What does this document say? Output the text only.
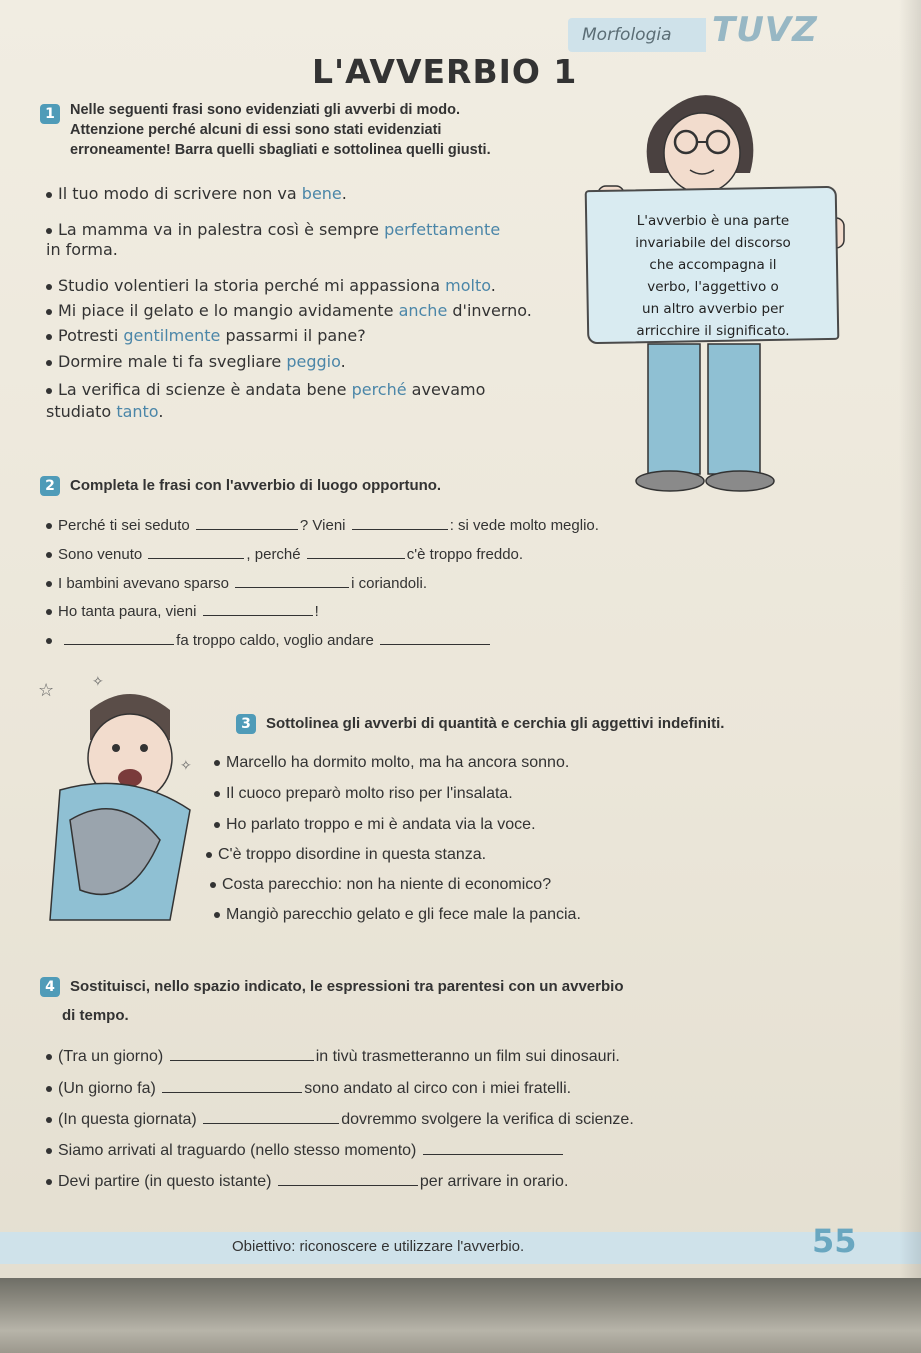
Morfologia	TUVZ
L'AVVERBIO 1
1	Nelle seguenti frasi sono evidenziati gli avverbi di modo.

Attenzione perché alcuni di essi sono stati evidenziati

erroneamente! Barra quelli sbagliati e sottolinea quelli giusti.

Il tuo modo di scrivere non va bene.
La mamma va in palestra così è sempre perfettamente
in forma.
Studio volentieri la storia perché mi appassiona molto.
Mi piace il gelato e lo mangio avidamente anche d'inverno.
Potresti gentilmente passarmi il pane?
Dormire male ti fa svegliare peggio.
La verifica di scienze è andata bene perché avevamo
studiato tanto.
L'avverbio è una parte
invariabile del discorso
che accompagna il
verbo, l'aggettivo o
un altro avverbio per
arricchire il significato.
2 Completa le frasi con l'avverbio di luogo opportuno.
Perché ti sei seduto	? Vieni	: si vede molto meglio.
Sono venuto	, perché	c'è troppo freddo.
I bambini avevano sparso	i coriandoli.
Ho tanta paura, vieni	!
fa troppo caldo, voglio andare
☆	✧
✧
3 Sottolinea gli avverbi di quantità e cerchia gli aggettivi indefiniti.
Marcello ha dormito molto, ma ha ancora sonno.
Il cuoco preparò molto riso per l'insalata.
Ho parlato troppo e mi è andata via la voce.
C'è troppo disordine in questa stanza.
Costa parecchio: non ha niente di economico?
Mangiò parecchio gelato e gli fece male la pancia.
4 Sostituisci, nello spazio indicato, le espressioni tra parentesi con un avverbio
di tempo.
(Tra un giorno)	in tivù trasmetteranno un film sui dinosauri.
(Un giorno fa)	sono andato al circo con i miei fratelli.
(In questa giornata)	dovremmo svolgere la verifica di scienze.
Siamo arrivati al traguardo (nello stesso momento)
Devi partire (in questo istante)	per arrivare in orario.
Obiettivo: riconoscere e utilizzare l'avverbio.	55
